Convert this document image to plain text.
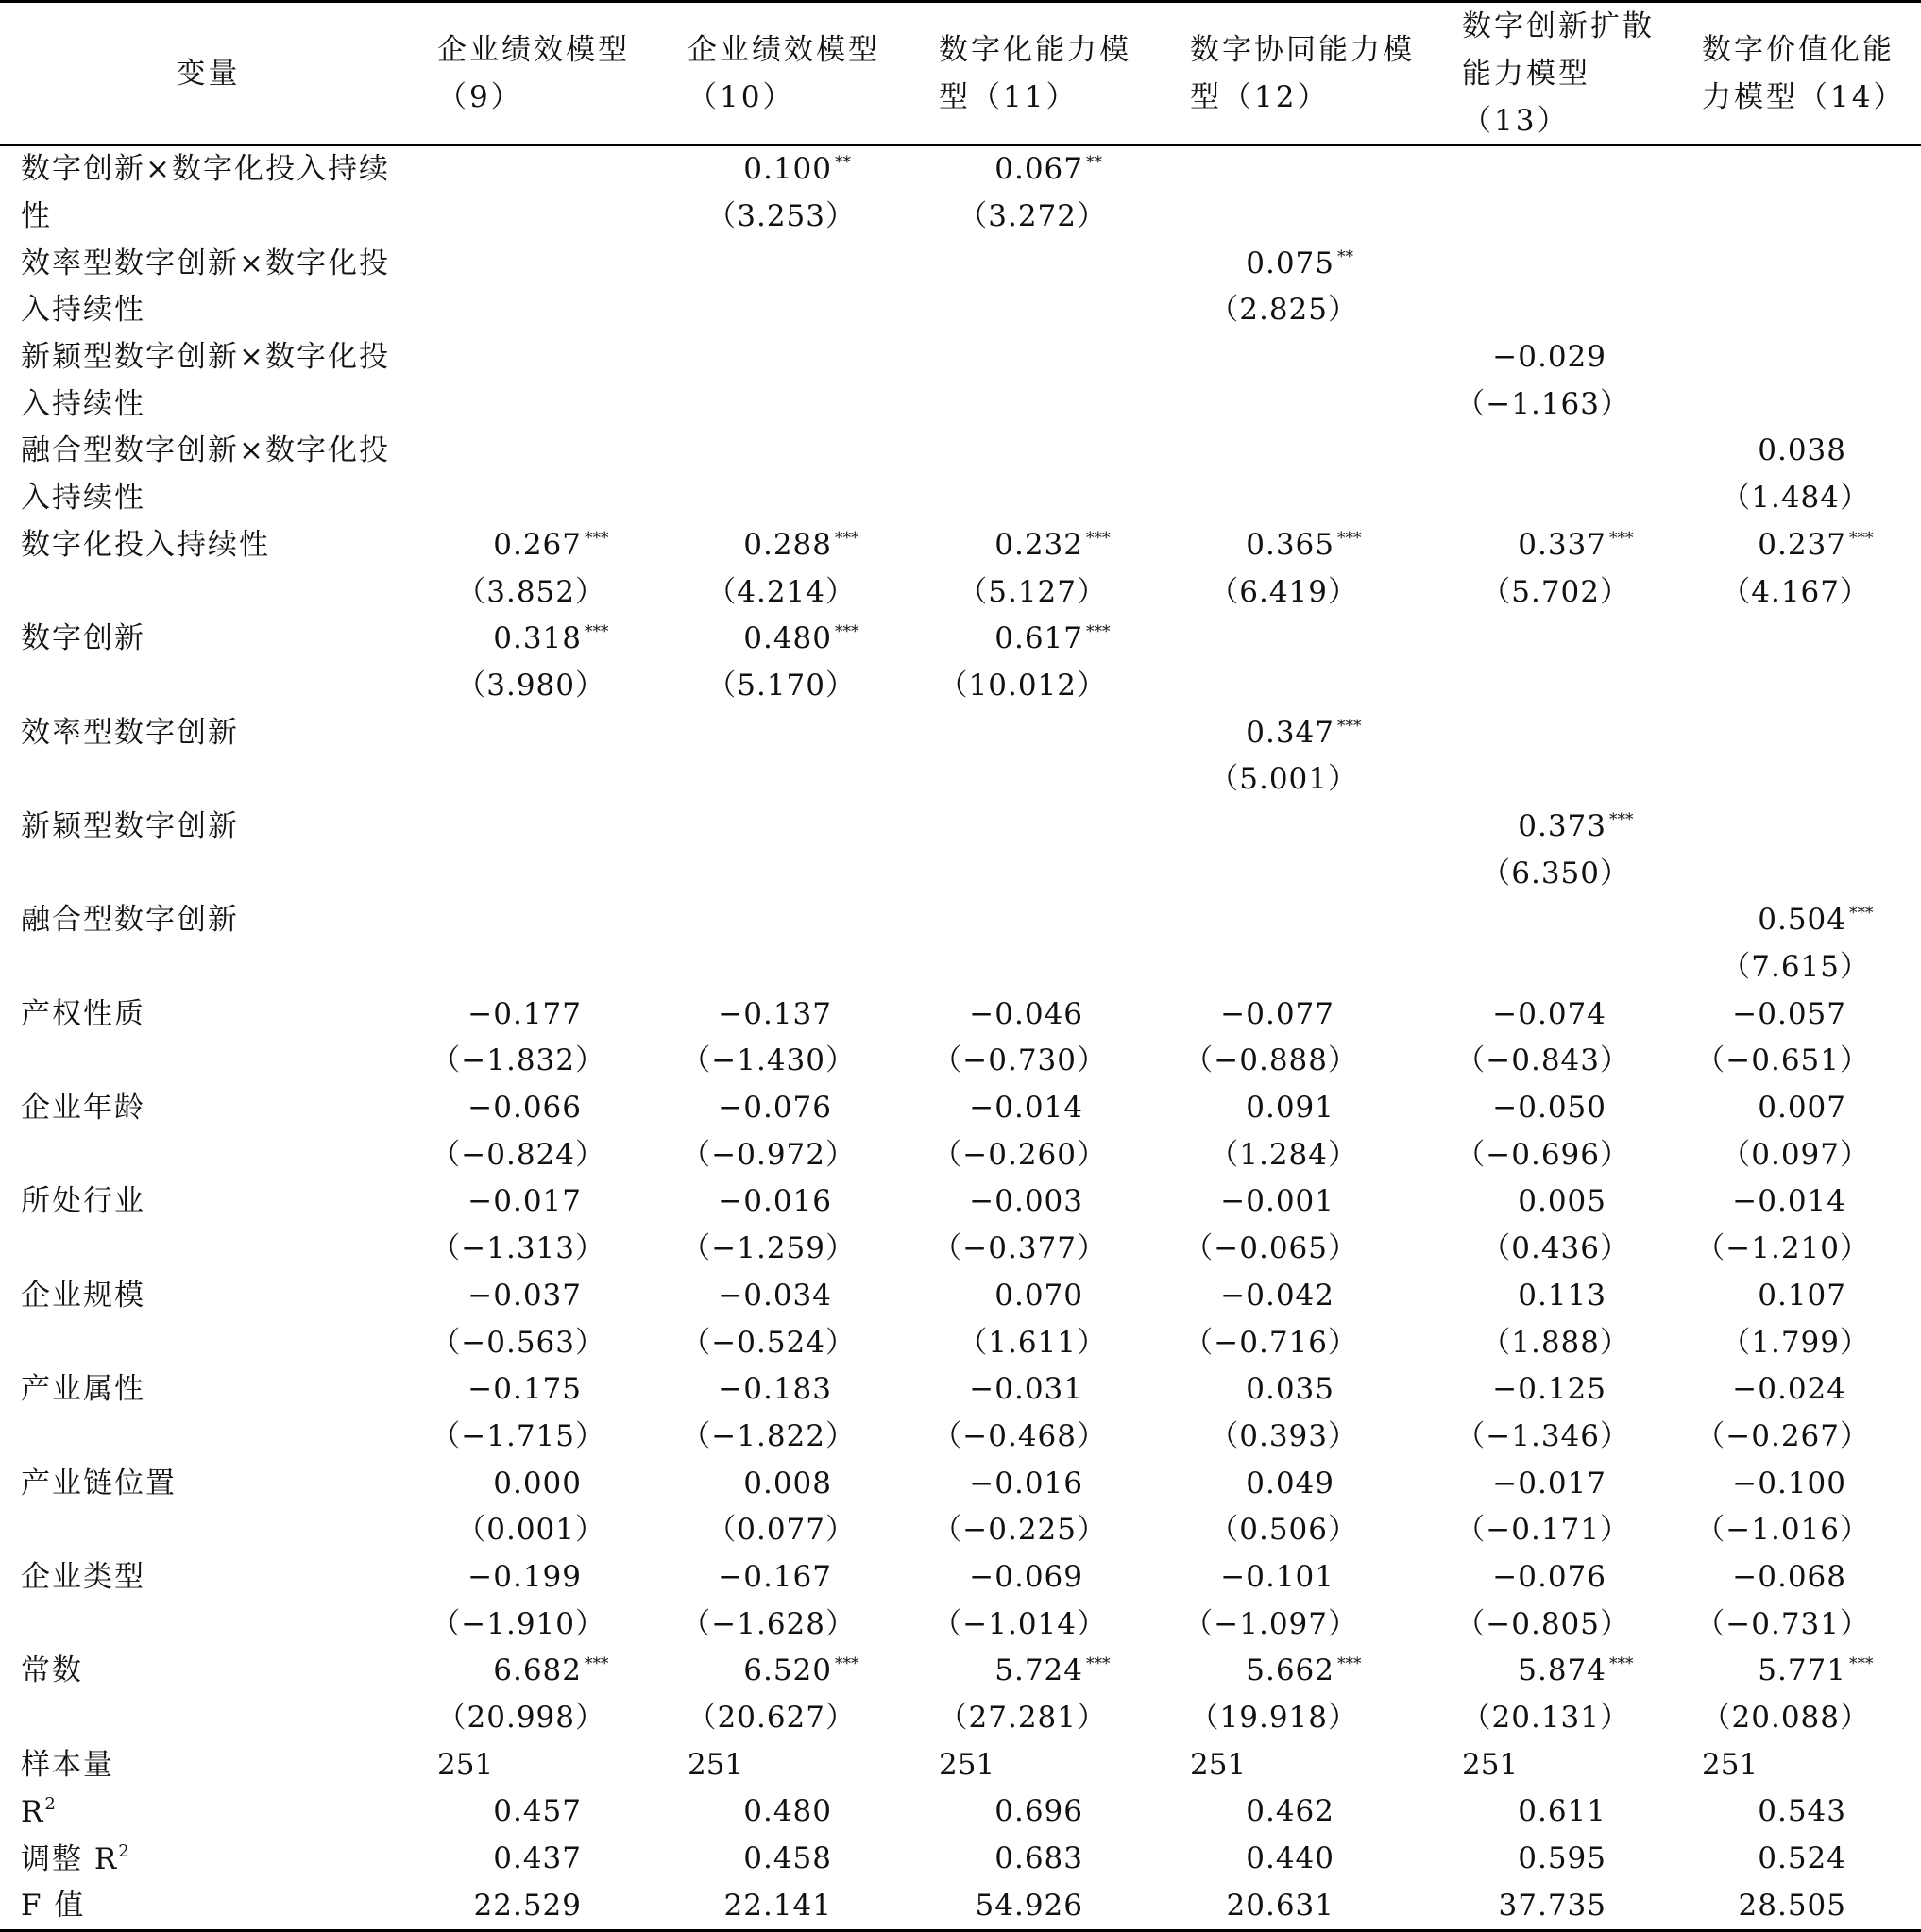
变量	企业绩效模型（9）	企业绩效模型（10）	数字化能力模型（11）	数字协同能力模型（12）	数字创新扩散能力模型（13）	数字价值化能力模型（14）
数字创新×数字化投入持续		0.100 **	0.067 **			
性		（3.253）	（3.272）			
效率型数字创新×数字化投				0.075 **		
入持续性				（2.825）		
新颖型数字创新×数字化投					−0.029	
入持续性					（−1.163）	
融合型数字创新×数字化投						0.038
入持续性						（1.484）
数字化投入持续性	0.267 ***	0.288 ***	0.232 ***	0.365 ***	0.337 ***	0.237 ***
	（3.852）	（4.214）	（5.127）	（6.419）	（5.702）	（4.167）
数字创新	0.318 ***	0.480 ***	0.617 ***			
	（3.980）	（5.170）	（10.012）			
效率型数字创新				0.347 ***		
				（5.001）		
新颖型数字创新					0.373 ***	
					（6.350）	
融合型数字创新						0.504 ***
						（7.615）
产权性质	−0.177	−0.137	−0.046	−0.077	−0.074	−0.057
	（−1.832）	（−1.430）	（−0.730）	（−0.888）	（−0.843）	（−0.651）
企业年龄	−0.066	−0.076	−0.014	0.091	−0.050	0.007
	（−0.824）	（−0.972）	（−0.260）	（1.284）	（−0.696）	（0.097）
所处行业	−0.017	−0.016	−0.003	−0.001	0.005	−0.014
	（−1.313）	（−1.259）	（−0.377）	（−0.065）	（0.436）	（−1.210）
企业规模	−0.037	−0.034	0.070	−0.042	0.113	0.107
	（−0.563）	（−0.524）	（1.611）	（−0.716）	（1.888）	（1.799）
产业属性	−0.175	−0.183	−0.031	0.035	−0.125	−0.024
	（−1.715）	（−1.822）	（−0.468）	（0.393）	（−1.346）	（−0.267）
产业链位置	0.000	0.008	−0.016	0.049	−0.017	−0.100
	（0.001）	（0.077）	（−0.225）	（0.506）	（−0.171）	（−1.016）
企业类型	−0.199	−0.167	−0.069	−0.101	−0.076	−0.068
	（−1.910）	（−1.628）	（−1.014）	（−1.097）	（−0.805）	（−0.731）
常数	6.682 ***	6.520 ***	5.724 ***	5.662 ***	5.874 ***	5.771 ***
	（20.998）	（20.627）	（27.281）	（19.918）	（20.131）	（20.088）
样本量	251	251	251	251	251	251
$R^2$	0.457	0.480	0.696	0.462	0.611	0.543
调整 $R^2$	0.437	0.458	0.683	0.440	0.595	0.524
F 值	22.529	22.141	54.926	20.631	37.735	28.505
